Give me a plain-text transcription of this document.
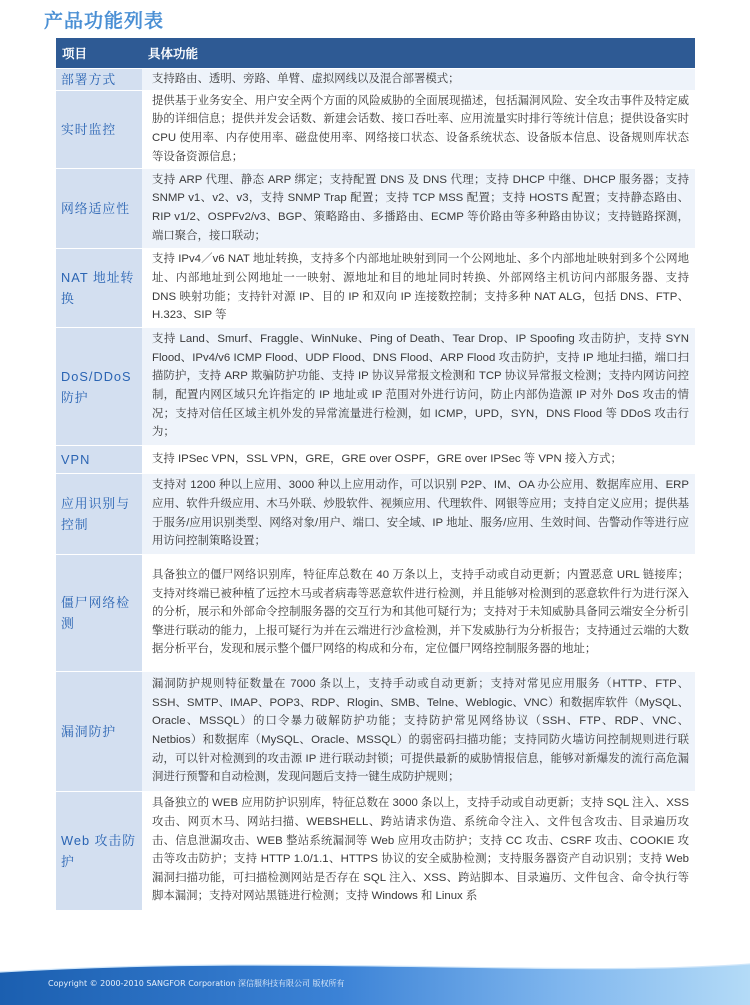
产品功能列表
项目	具体功能
部署方式	支持路由、透明、旁路、单臂、虚拟网线以及混合部署模式；
实时监控	提供基于业务安全、用户安全两个方面的风险威胁的全面展现描述，包括漏洞风险、安全攻击事件及特定威胁的详细信息；提供并发会话数、新建会话数、接口吞吐率、应用流量实时排行等统计信息；提供设备实时 CPU 使用率、内存使用率、磁盘使用率、网络接口状态、设备系统状态、设备版本信息、设备规则库状态等设备资源信息；
网络适应性	支持 ARP 代理、静态 ARP 绑定；支持配置 DNS 及 DNS 代理；支持 DHCP 中继、DHCP 服务器；支持 SNMP v1、v2、v3，支持 SNMP Trap 配置；支持 TCP MSS 配置；支持 HOSTS 配置；支持静态路由、RIP v1/2、OSPFv2/v3、BGP、策略路由、多播路由、ECMP 等价路由等多种路由协议；支持链路探测，端口聚合，接口联动；
NAT 地址转换	支持 IPv4／v6 NAT 地址转换，支持多个内部地址映射到同一个公网地址、多个内部地址映射到多个公网地址、内部地址到公网地址一一映射、源地址和目的地址同时转换、外部网络主机访问内部服务器、支持 DNS 映射功能；支持针对源 IP、目的 IP 和双向 IP 连接数控制；支持多种 NAT ALG，包括 DNS、FTP、H.323、SIP 等
DoS/DDoS 防护	支持 Land、Smurf、Fraggle、WinNuke、Ping of Death、Tear Drop、IP Spoofing 攻击防护，支持 SYN Flood、IPv4/v6 ICMP Flood、UDP Flood、DNS Flood、ARP Flood 攻击防护，支持 IP 地址扫描，端口扫描防护，支持 ARP 欺骗防护功能、支持 IP 协议异常报文检测和 TCP 协议异常报文检测；支持内网访问控制，配置内网区域只允许指定的 IP 地址或 IP 范围对外进行访问，防止内部伪造源 IP 对外 DoS 攻击的情况；支持对信任区域主机外发的异常流量进行检测，如 ICMP，UPD，SYN，DNS Flood 等 DDoS 攻击行为；
VPN	支持 IPSec VPN，SSL VPN，GRE，GRE over OSPF，GRE over IPSec 等 VPN 接入方式；
应用识别与控制	支持对 1200 种以上应用、3000 种以上应用动作，可以识别 P2P、IM、OA 办公应用、数据库应用、ERP 应用、软件升级应用、木马外联、炒股软件、视频应用、代理软件、网银等应用；支持自定义应用；提供基于服务/应用识别类型、网络对象/用户、端口、安全域、IP 地址、服务/应用、生效时间、告警动作等进行应用访问控制策略设置；
僵尸网络检测	具备独立的僵尸网络识别库，特征库总数在 40 万条以上，支持手动或自动更新；内置恶意 URL 链接库；支持对终端已被种植了远控木马或者病毒等恶意软件进行检测，并且能够对检测到的恶意软件行为进行深入的分析，展示和外部命令控制服务器的交互行为和其他可疑行为；支持对于未知威胁具备同云端安全分析引擎进行联动的能力，上报可疑行为并在云端进行沙盒检测，并下发威胁行为分析报告；支持通过云端的大数据分析平台，发现和展示整个僵尸网络的构成和分布，定位僵尸网络控制服务器的地址；
漏洞防护	漏洞防护规则特征数量在 7000 条以上，支持手动或自动更新；支持对常见应用服务（HTTP、FTP、SSH、SMTP、IMAP、POP3、RDP、Rlogin、SMB、Telne、Weblogic、VNC）和数据库软件（MySQL、Oracle、MSSQL）的口令暴力破解防护功能；支持防护常见网络协议（SSH、FTP、RDP、VNC、Netbios）和数据库（MySQL、Oracle、MSSQL）的弱密码扫描功能；支持同防火墙访问控制规则进行联动，可以针对检测到的攻击源 IP 进行联动封锁；可提供最新的威胁情报信息，能够对新爆发的流行高危漏洞进行预警和自动检测，发现问题后支持一键生成防护规则；
Web 攻击防护	具备独立的 WEB 应用防护识别库，特征总数在 3000 条以上，支持手动或自动更新；支持 SQL 注入、XSS 攻击、网页木马、网站扫描、WEBSHELL、跨站请求伪造、系统命令注入、文件包含攻击、目录遍历攻击、信息泄漏攻击、WEB 整站系统漏洞等 Web 应用攻击防护；支持 CC 攻击、CSRF 攻击、COOKIE 攻击等攻击防护；支持 HTTP 1.0/1.1、HTTPS 协议的安全威胁检测；支持服务器资产自动识别；支持 Web 漏洞扫描功能，可扫描检测网站是否存在 SQL 注入、XSS、跨站脚本、目录遍历、文件包含、命令执行等脚本漏洞；支持对网站黑链进行检测；支持 Windows 和 Linux 系
Copyright © 2000-2010 SANGFOR Corporation 深信服科技有限公司 版权所有
